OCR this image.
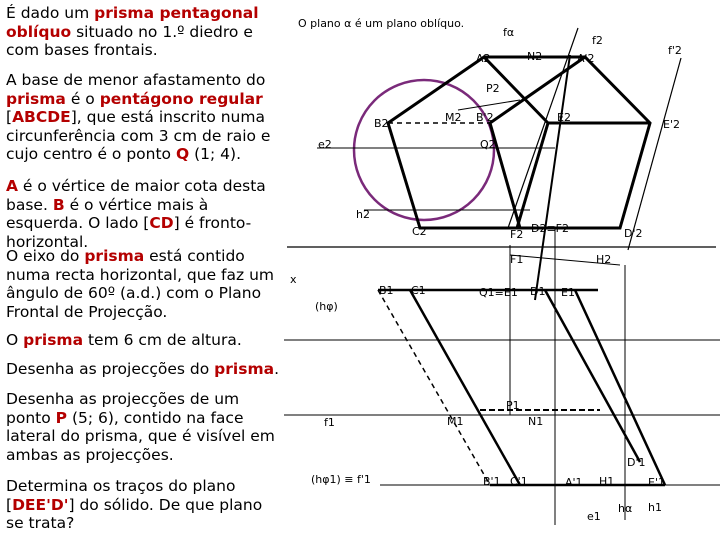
É dado um prisma pentagonal oblíquo situado no 1.º diedro e com bases frontais.

A base de menor afastamento do prisma é o pentágono regular [ABCDE], que está inscrito numa circunferência com 3 cm de raio e cujo centro é o ponto Q (1; 4).

A é o vértice de maior cota desta base. B é o vértice mais à esquerda. O lado [CD] é fronto-horizontal.

O eixo do prisma está contido numa recta horizontal, que faz um ângulo de 60º (a.d.) com o Plano Frontal de Projecção.

O prisma tem 6 cm de altura.

Desenha as projecções do prisma.

Desenha as projecções de um ponto P (5; 6), contido na face lateral do prisma, que é visível em ambas as projecções.

Determina os traços do plano [DEE'D'] do sólido. De que plano se trata?

O plano α é um plano oblíquo.
fα
f2
f'2
A2	N2	A'2
P2
M2 B'2
B2	E2
E'2
e2	Q2
h2
C2	F2 D2≡F2	D'2
F1	H2
x
B1 C1	Q1≡E1 D1 E1
(hφ)
f1	M1
P1
N1
D'1
(hφ1) ≡ f'1	B'1 C'1	A'1 H1	E'1
e1
hα h1
